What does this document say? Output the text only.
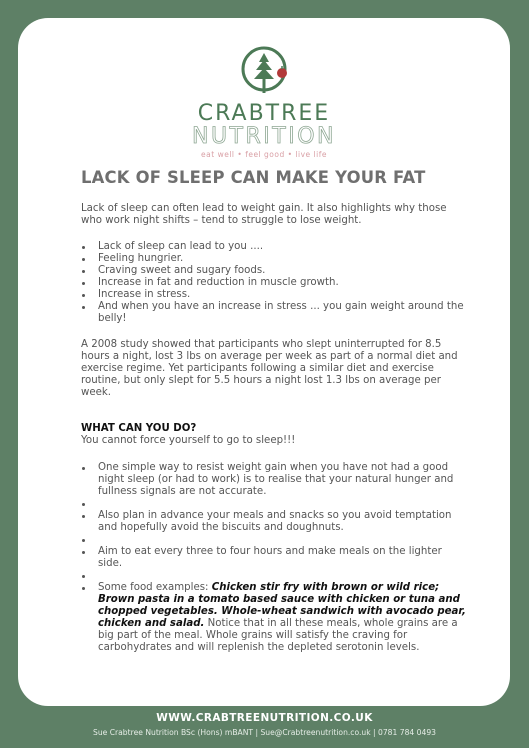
CRABTREE
NUTRITION
eat well • feel good • live life
LACK OF SLEEP CAN MAKE YOUR FAT

Lack of sleep can often lead to weight gain. It also highlights why those who work night shifts – tend to struggle to lose weight.

Lack of sleep can lead to you ....
Feeling hungrier.
Craving sweet and sugary foods.
Increase in fat and reduction in muscle growth.
Increase in stress.
And when you have an increase in stress ... you gain weight around the belly!

A 2008 study showed that participants who slept uninterrupted for 8.5 hours a night, lost 3 lbs on average per week as part of a normal diet and exercise regime. Yet participants following a similar diet and exercise routine, but only slept for 5.5 hours a night lost 1.3 lbs on average per week.

WHAT CAN YOU DO?

You cannot force yourself to go to sleep!!!

One simple way to resist weight gain when you have not had a good night sleep (or had to work) is to realise that your natural hunger and fullness signals are not accurate.

Also plan in advance your meals and snacks so you avoid temptation and hopefully avoid the biscuits and doughnuts.

Aim to eat every three to four hours and make meals on the lighter side.

Some food examples: Chicken stir fry with brown or wild rice; Brown pasta in a tomato based sauce with chicken or tuna and chopped vegetables. Whole-wheat sandwich with avocado pear, chicken and salad. Notice that in all these meals, whole grains are a big part of the meal. Whole grains will satisfy the craving for carbohydrates and will replenish the depleted serotonin levels.
WWW.CRABTREENUTRITION.CO.UK
Sue Crabtree Nutrition BSc (Hons) mBANT | Sue@Crabtreenutrition.co.uk | 0781 784 0493
